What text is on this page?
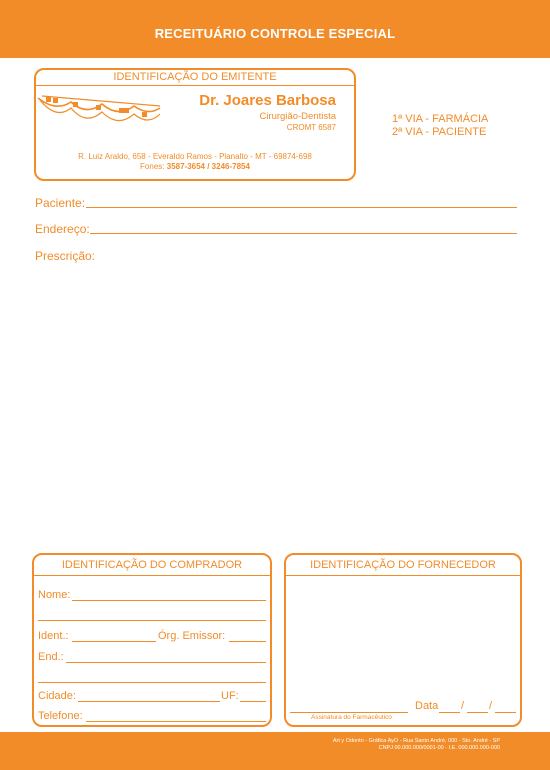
RECEITUÁRIO CONTROLE ESPECIAL
IDENTIFICAÇÃO DO EMITENTE
Dr. Joares Barbosa
Cirurgião-Dentista
CROMT 6587
R. Luiz Araldo, 658 - Everaldo Ramos - Planalto - MT - 69874-698
Fones: 3587-3654 / 3246-7854
1ª VIA - FARMÁCIA
2ª VIA - PACIENTE
Paciente:
Endereço:
Prescrição:
IDENTIFICAÇÃO DO COMPRADOR
Nome:
Ident.:	Órg. Emissor:
End.:
Cidade:	UF:
Telefone:
IDENTIFICAÇÃO DO FORNECEDOR
Assinatura do Farmacêutico
Data / /
Art y Odonto - Gráfica AyO - Rua Santo André, 000 - Sto. André - SP
CNPJ 00.000.000/0001-00 - I.E. 000.000.000-000
